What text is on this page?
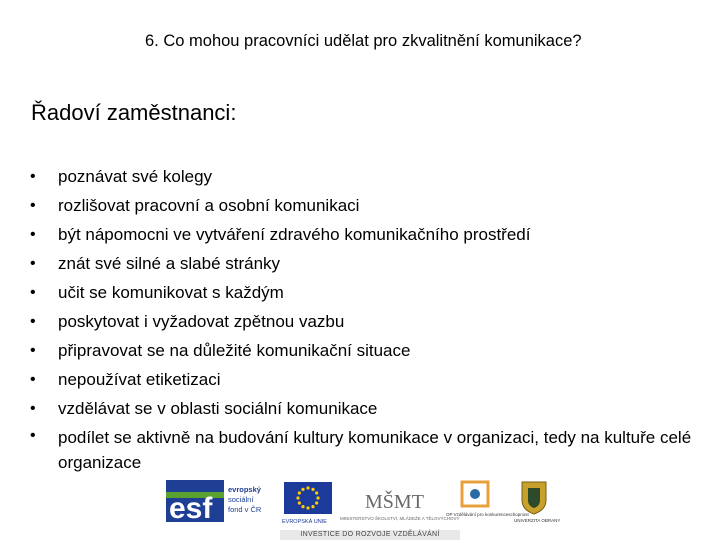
6. Co mohou pracovníci udělat pro zkvalitnění komunikace?
Řadoví zaměstnanci:
• poznávat své kolegy
• rozlišovat pracovní a osobní komunikaci
• být nápomocni ve vytváření zdravého komunikačního prostředí
• znát své silné a slabé stránky
• učit se komunikovat s každým
• poskytovat i vyžadovat zpětnou vazbu
• připravovat se na důležité komunikační situace
• nepoužívat etiketizaci
• vzdělávat se v oblasti sociální komunikace
• podílet se aktivně na budování kultury komunikace v organizaci, tedy na kultuře celé organizace
esf
evropský
sociální
fond v ČR
EVROPSKÁ UNIE
MŠMT
MINISTERSTVO ŠKOLSTVÍ, MLÁDEŽE A TĚLOVÝCHOVY
OP Vzdělávání pro konkurenceschopnost
UNIVERZITA OBRANY
INVESTICE DO ROZVOJE VZDĚLÁVÁNÍ
